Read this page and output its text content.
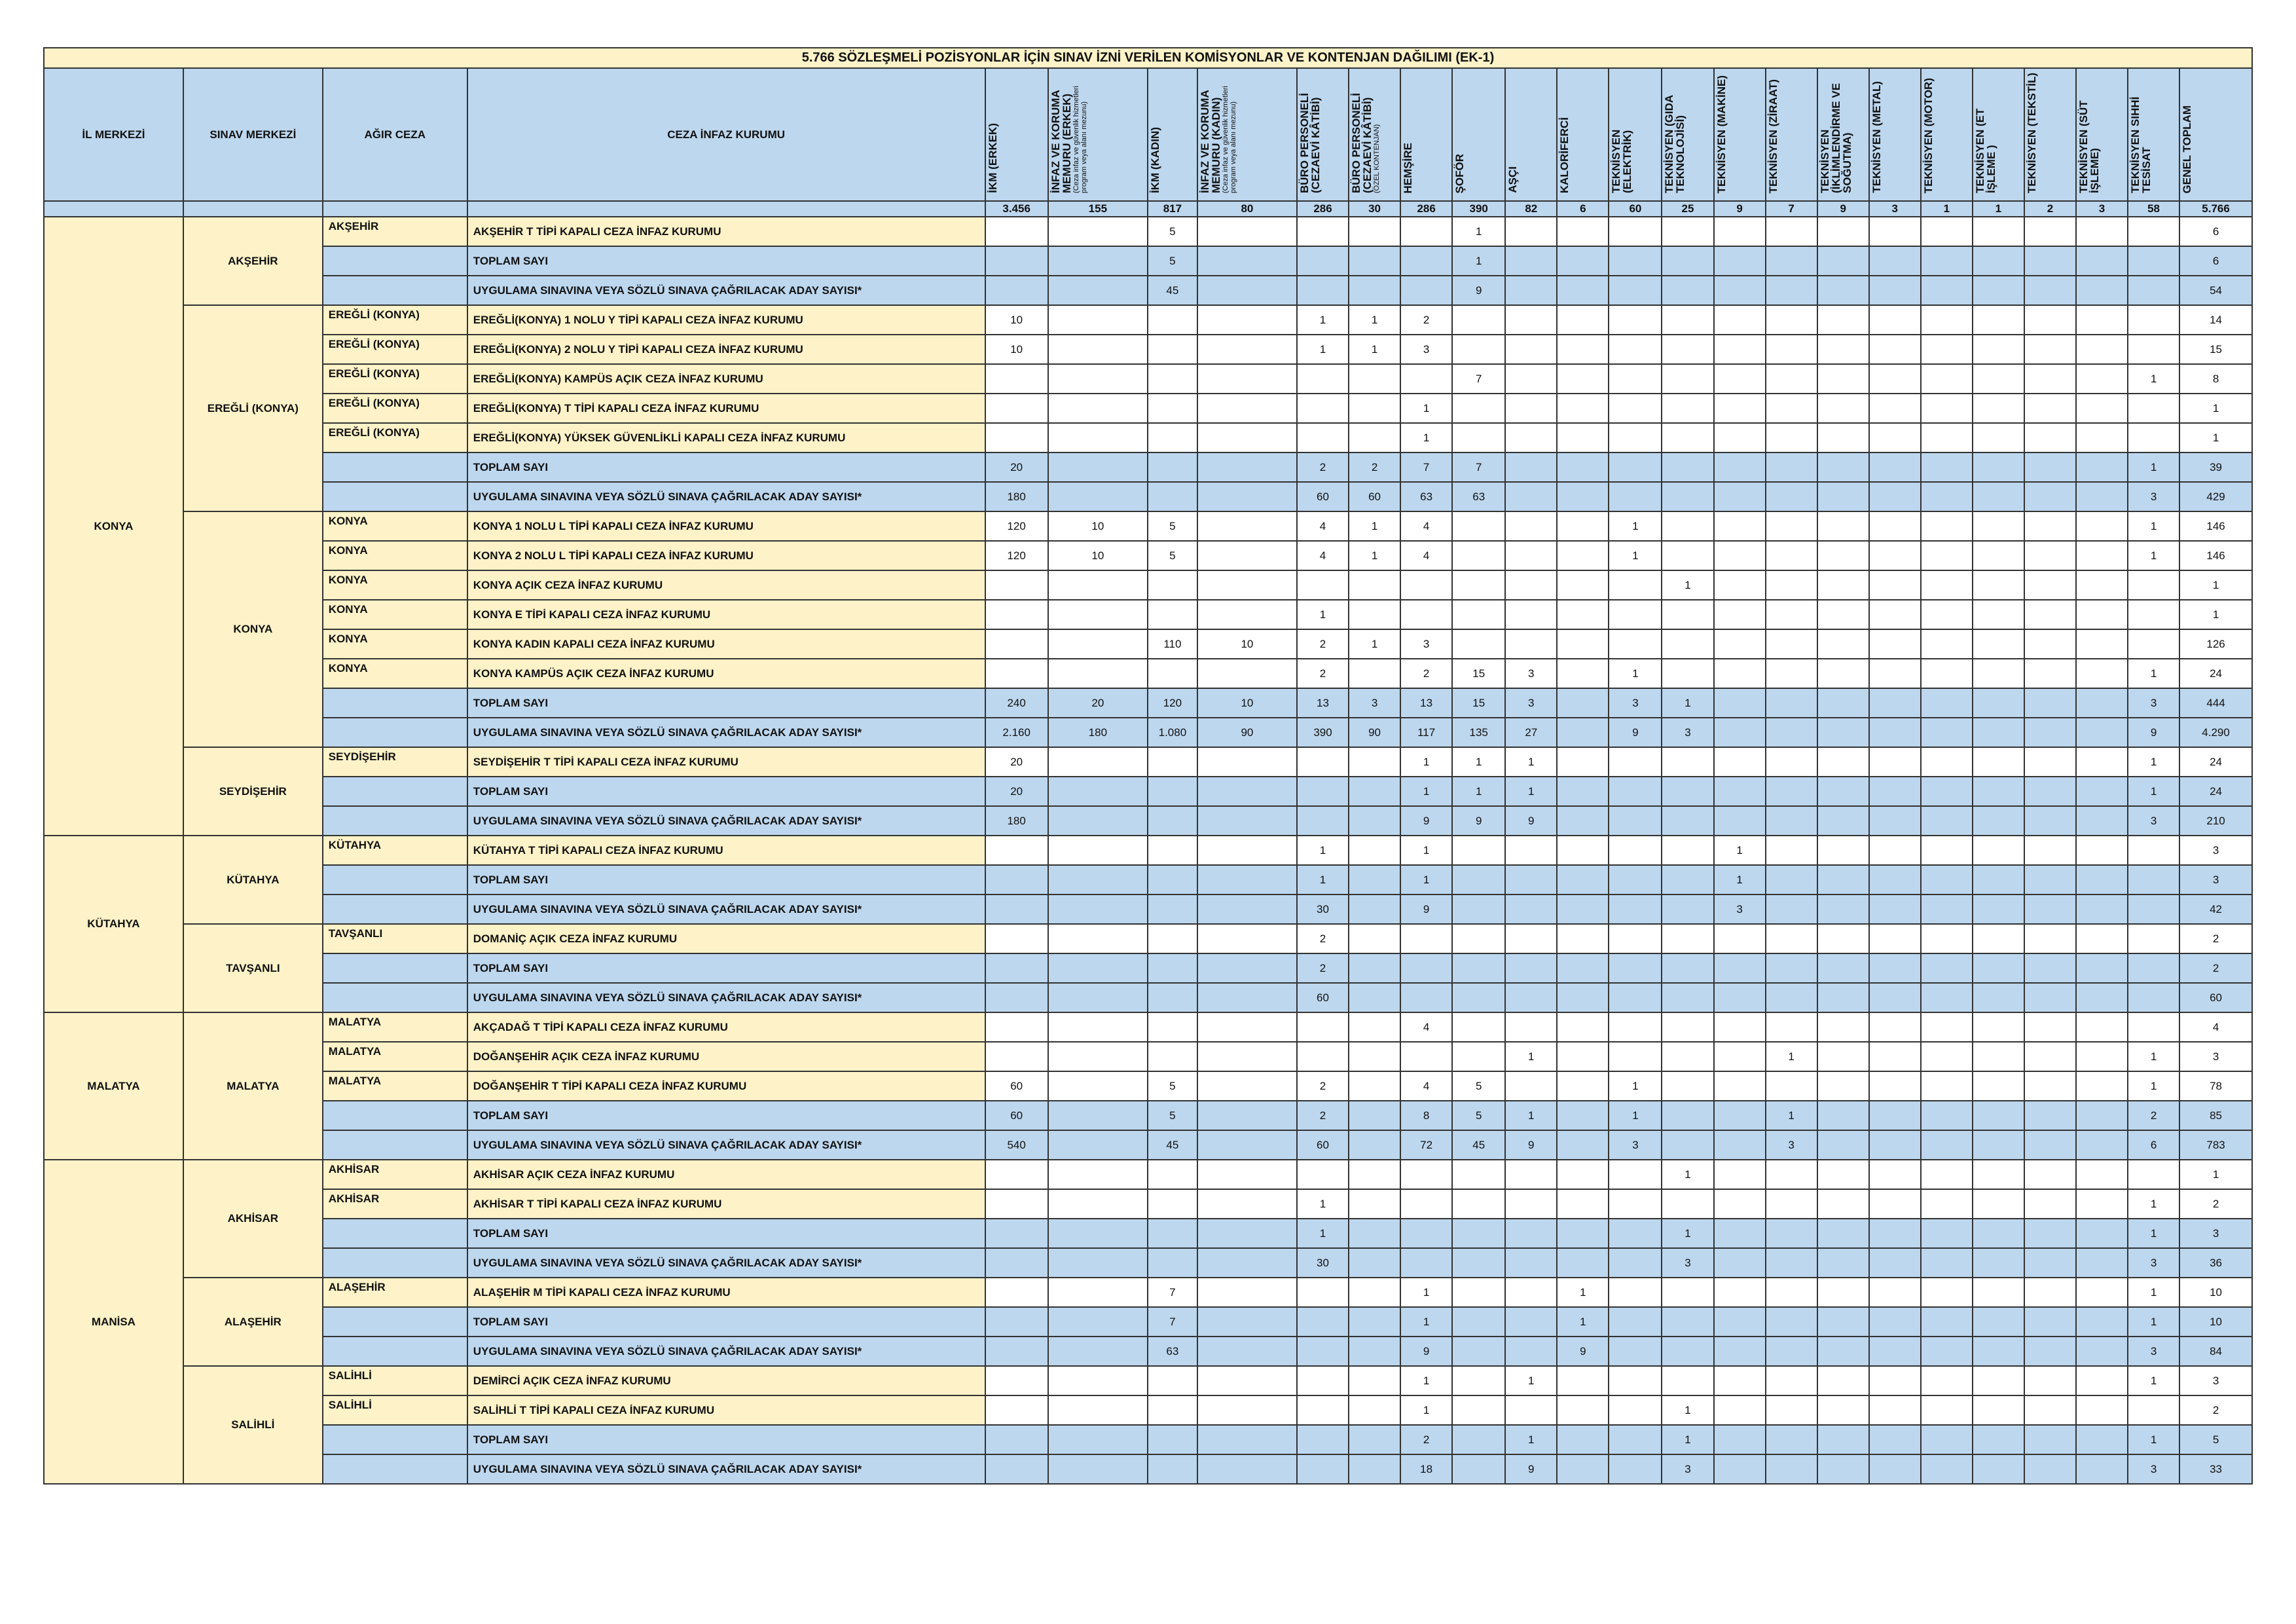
5.766 SÖZLEŞMELİ POZİSYONLAR İÇİN SINAV İZNİ VERİLEN KOMİSYONLAR VE KONTENJAN DAĞILIMI (EK-1)																									
İL MERKEZİ	SINAV MERKEZİ	AĞIR CEZA	CEZA İNFAZ KURUMU	İKM (ERKEK)	İNFAZ VE KORUMA MEMURU (ERKEK) (Ceza infaz ve güvenlik hizmetleri program veya alanı mezunu)	İKM (KADIN)	İNFAZ VE KORUMA MEMURU (KADIN) (Ceza infaz ve güvenlik hizmetleri program veya alanı mezunu)	BÜRO PERSONELİ (CEZAEVİ KÂTİBİ)	BÜRO PERSONELİ (CEZAEVİ KÂTİBİ) (ÖZEL KONTENJAN)	HEMŞİRE	ŞOFÖR	AŞÇI	KALORİFERCİ	TEKNİSYEN (ELEKTRİK)	TEKNİSYEN (GIDA TEKNOLOJİSİ)	TEKNİSYEN (MAKİNE)	TEKNİSYEN (ZİRAAT)	TEKNİSYEN (İKLİMLENDİRME VE SOĞUTMA)	TEKNİSYEN (METAL)	TEKNİSYEN (MOTOR)	TEKNİSYEN (ET İŞLEME )	TEKNİSYEN (TEKSTİL)	TEKNİSYEN (SÜT İŞLEME)	TEKNİSYEN SIHHİ TESİSAT	GENEL TOPLAM
				3.456	155	817	80	286	30	286	390	82	6	60	25	9	7	9	3	1	1	2	3	58	5.766
KONYA	AKŞEHİR	AKŞEHİR	AKŞEHİR T TİPİ KAPALI CEZA İNFAZ KURUMU			5					1														6
			TOPLAM SAYI			5					1														6
			UYGULAMA SINAVINA VEYA SÖZLÜ SINAVA ÇAĞRILACAK ADAY SAYISI*			45					9														54
	EREĞLİ (KONYA)	EREĞLİ (KONYA)	EREĞLİ(KONYA) 1 NOLU Y TİPİ KAPALI CEZA İNFAZ KURUMU	10				1	1	2															14
		EREĞLİ (KONYA)	EREĞLİ(KONYA) 2 NOLU Y TİPİ KAPALI CEZA İNFAZ KURUMU	10				1	1	3															15
		EREĞLİ (KONYA)	EREĞLİ(KONYA) KAMPÜS AÇIK CEZA İNFAZ KURUMU								7													1	8
		EREĞLİ (KONYA)	EREĞLİ(KONYA) T TİPİ KAPALI CEZA İNFAZ KURUMU							1															1
		EREĞLİ (KONYA)	EREĞLİ(KONYA) YÜKSEK GÜVENLİKLİ KAPALI CEZA İNFAZ KURUMU							1															1
			TOPLAM SAYI	20				2	2	7	7													1	39
			UYGULAMA SINAVINA VEYA SÖZLÜ SINAVA ÇAĞRILACAK ADAY SAYISI*	180				60	60	63	63													3	429
	KONYA	KONYA	KONYA 1 NOLU L TİPİ KAPALI CEZA İNFAZ KURUMU	120	10	5		4	1	4				1										1	146
		KONYA	KONYA 2 NOLU L TİPİ KAPALI CEZA İNFAZ KURUMU	120	10	5		4	1	4				1										1	146
		KONYA	KONYA AÇIK CEZA İNFAZ KURUMU												1										1
		KONYA	KONYA E TİPİ KAPALI CEZA İNFAZ KURUMU					1																	1
		KONYA	KONYA KADIN KAPALI CEZA İNFAZ KURUMU			110	10	2	1	3															126
		KONYA	KONYA KAMPÜS AÇIK CEZA İNFAZ KURUMU					2		2	15	3		1										1	24
			TOPLAM SAYI	240	20	120	10	13	3	13	15	3		3	1									3	444
			UYGULAMA SINAVINA VEYA SÖZLÜ SINAVA ÇAĞRILACAK ADAY SAYISI*	2.160	180	1.080	90	390	90	117	135	27		9	3									9	4.290
	SEYDİŞEHİR	SEYDİŞEHİR	SEYDİŞEHİR T TİPİ KAPALI CEZA İNFAZ KURUMU	20						1	1	1												1	24
			TOPLAM SAYI	20						1	1	1												1	24
			UYGULAMA SINAVINA VEYA SÖZLÜ SINAVA ÇAĞRILACAK ADAY SAYISI*	180						9	9	9												3	210
KÜTAHYA	KÜTAHYA	KÜTAHYA	KÜTAHYA T TİPİ KAPALI CEZA İNFAZ KURUMU					1		1						1									3
			TOPLAM SAYI					1		1						1									3
			UYGULAMA SINAVINA VEYA SÖZLÜ SINAVA ÇAĞRILACAK ADAY SAYISI*					30		9						3									42
	TAVŞANLI	TAVŞANLI	DOMANİÇ AÇIK CEZA İNFAZ KURUMU					2																	2
			TOPLAM SAYI					2																	2
			UYGULAMA SINAVINA VEYA SÖZLÜ SINAVA ÇAĞRILACAK ADAY SAYISI*					60																	60
MALATYA	MALATYA	MALATYA	AKÇADAĞ T TİPİ KAPALI CEZA İNFAZ KURUMU							4															4
		MALATYA	DOĞANŞEHİR AÇIK CEZA İNFAZ KURUMU									1					1							1	3
		MALATYA	DOĞANŞEHİR T TİPİ KAPALI CEZA İNFAZ KURUMU	60		5		2		4	5			1										1	78
			TOPLAM SAYI	60		5		2		8	5	1		1			1							2	85
			UYGULAMA SINAVINA VEYA SÖZLÜ SINAVA ÇAĞRILACAK ADAY SAYISI*	540		45		60		72	45	9		3			3							6	783
MANİSA	AKHİSAR	AKHİSAR	AKHİSAR AÇIK CEZA İNFAZ KURUMU												1										1
		AKHİSAR	AKHİSAR T TİPİ KAPALI CEZA İNFAZ KURUMU					1																1	2
			TOPLAM SAYI					1							1									1	3
			UYGULAMA SINAVINA VEYA SÖZLÜ SINAVA ÇAĞRILACAK ADAY SAYISI*					30							3									3	36
	ALAŞEHİR	ALAŞEHİR	ALAŞEHİR M TİPİ KAPALI CEZA İNFAZ KURUMU			7				1			1											1	10
			TOPLAM SAYI			7				1			1											1	10
			UYGULAMA SINAVINA VEYA SÖZLÜ SINAVA ÇAĞRILACAK ADAY SAYISI*			63				9			9											3	84
	SALİHLİ	SALİHLİ	DEMİRCİ AÇIK CEZA İNFAZ KURUMU							1		1												1	3
		SALİHLİ	SALİHLİ T TİPİ KAPALI CEZA İNFAZ KURUMU							1					1										2
			TOPLAM SAYI							2		1			1									1	5
			UYGULAMA SINAVINA VEYA SÖZLÜ SINAVA ÇAĞRILACAK ADAY SAYISI*							18		9			3									3	33
